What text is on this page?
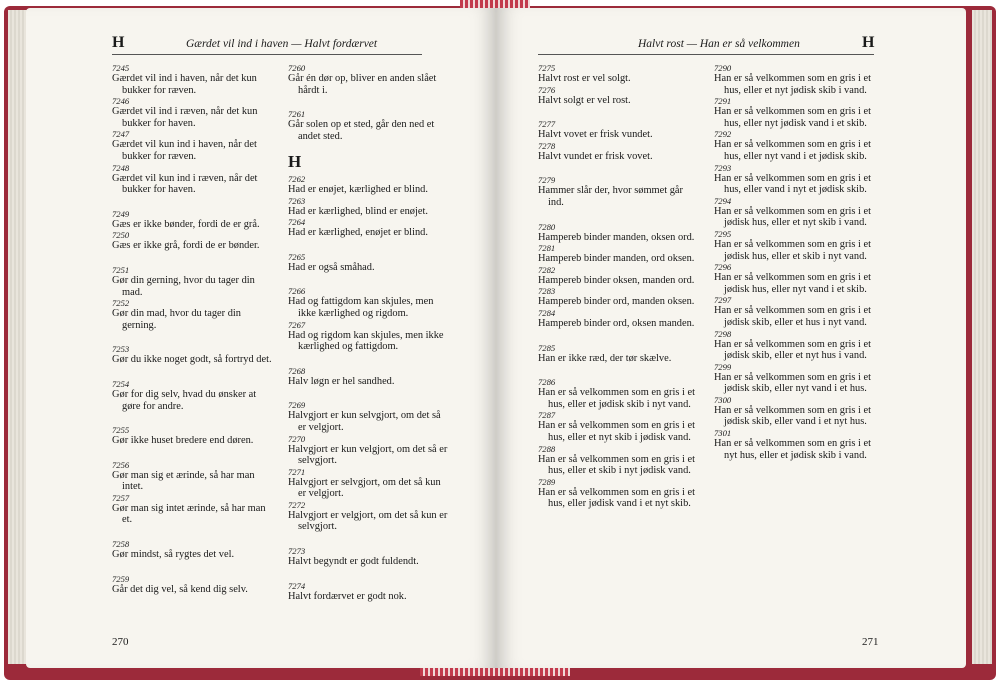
H	Gærdet vil ind i haven — Halvt fordærvet
7245
Gærdet vil ind i haven, når det kun bukker for ræven.
7246
Gærdet vil ind i ræven, når det kun bukker for haven.
7247
Gærdet vil kun ind i haven, når det bukker for ræven.
7248
Gærdet vil kun ind i ræven, når det bukker for haven.
7249
Gæs er ikke bønder, fordi de er grå.
7250
Gæs er ikke grå, fordi de er bønder.
7251
Gør din gerning, hvor du tager din mad.
7252
Gør din mad, hvor du tager din gerning.
7253
Gør du ikke noget godt, så fortryd det.
7254
Gør for dig selv, hvad du ønsker at gøre for andre.
7255
Gør ikke huset bredere end døren.
7256
Gør man sig et ærinde, så har man intet.
7257
Gør man sig intet ærinde, så har man et.
7258
Gør mindst, så rygtes det vel.
7259
Går det dig vel, så kend dig selv.
7260
Går én dør op, bliver en anden slået hårdt i.
7261
Går solen op et sted, går den ned et andet sted.
H
7262
Had er enøjet, kærlighed er blind.
7263
Had er kærlighed, blind er enøjet.
7264
Had er kærlighed, enøjet er blind.
7265
Had er også småhad.
7266
Had og fattigdom kan skjules, men ikke kærlighed og rigdom.
7267
Had og rigdom kan skjules, men ikke kærlighed og fattigdom.
7268
Halv løgn er hel sandhed.
7269
Halvgjort er kun selvgjort, om det så er velgjort.
7270
Halvgjort er kun velgjort, om det så er selvgjort.
7271
Halvgjort er selvgjort, om det så kun er velgjort.
7272
Halvgjort er velgjort, om det så kun er selvgjort.
7273
Halvt begyndt er godt fuldendt.
7274
Halvt fordærvet er godt nok.
270
Halvt rost — Han er så velkommen	H
7275
Halvt rost er vel solgt.
7276
Halvt solgt er vel rost.
7277
Halvt vovet er frisk vundet.
7278
Halvt vundet er frisk vovet.
7279
Hammer slår der, hvor sømmet går ind.
7280
Hampereb binder manden, oksen ord.
7281
Hampereb binder manden, ord oksen.
7282
Hampereb binder oksen, manden ord.
7283
Hampereb binder ord, manden oksen.
7284
Hampereb binder ord, oksen manden.
7285
Han er ikke ræd, der tør skælve.
7286
Han er så velkommen som en gris i et hus, eller et jødisk skib i nyt vand.
7287
Han er så velkommen som en gris i et hus, eller et nyt skib i jødisk vand.
7288
Han er så velkommen som en gris i et hus, eller et skib i nyt jødisk vand.
7289
Han er så velkommen som en gris i et hus, eller jødisk vand i et nyt skib.
7290
Han er så velkommen som en gris i et hus, eller et nyt jødisk skib i vand.
7291
Han er så velkommen som en gris i et hus, eller nyt jødisk vand i et skib.
7292
Han er så velkommen som en gris i et hus, eller nyt vand i et jødisk skib.
7293
Han er så velkommen som en gris i et hus, eller vand i nyt et jødisk skib.
7294
Han er så velkommen som en gris i et jødisk hus, eller et nyt skib i vand.
7295
Han er så velkommen som en gris i et jødisk hus, eller et skib i nyt vand.
7296
Han er så velkommen som en gris i et jødisk hus, eller nyt vand i et skib.
7297
Han er så velkommen som en gris i et jødisk skib, eller et hus i nyt vand.
7298
Han er så velkommen som en gris i et jødisk skib, eller et nyt hus i vand.
7299
Han er så velkommen som en gris i et jødisk skib, eller nyt vand i et hus.
7300
Han er så velkommen som en gris i et jødisk skib, eller vand i et nyt hus.
7301
Han er så velkommen som en gris i et nyt hus, eller et jødisk skib i vand.
271
